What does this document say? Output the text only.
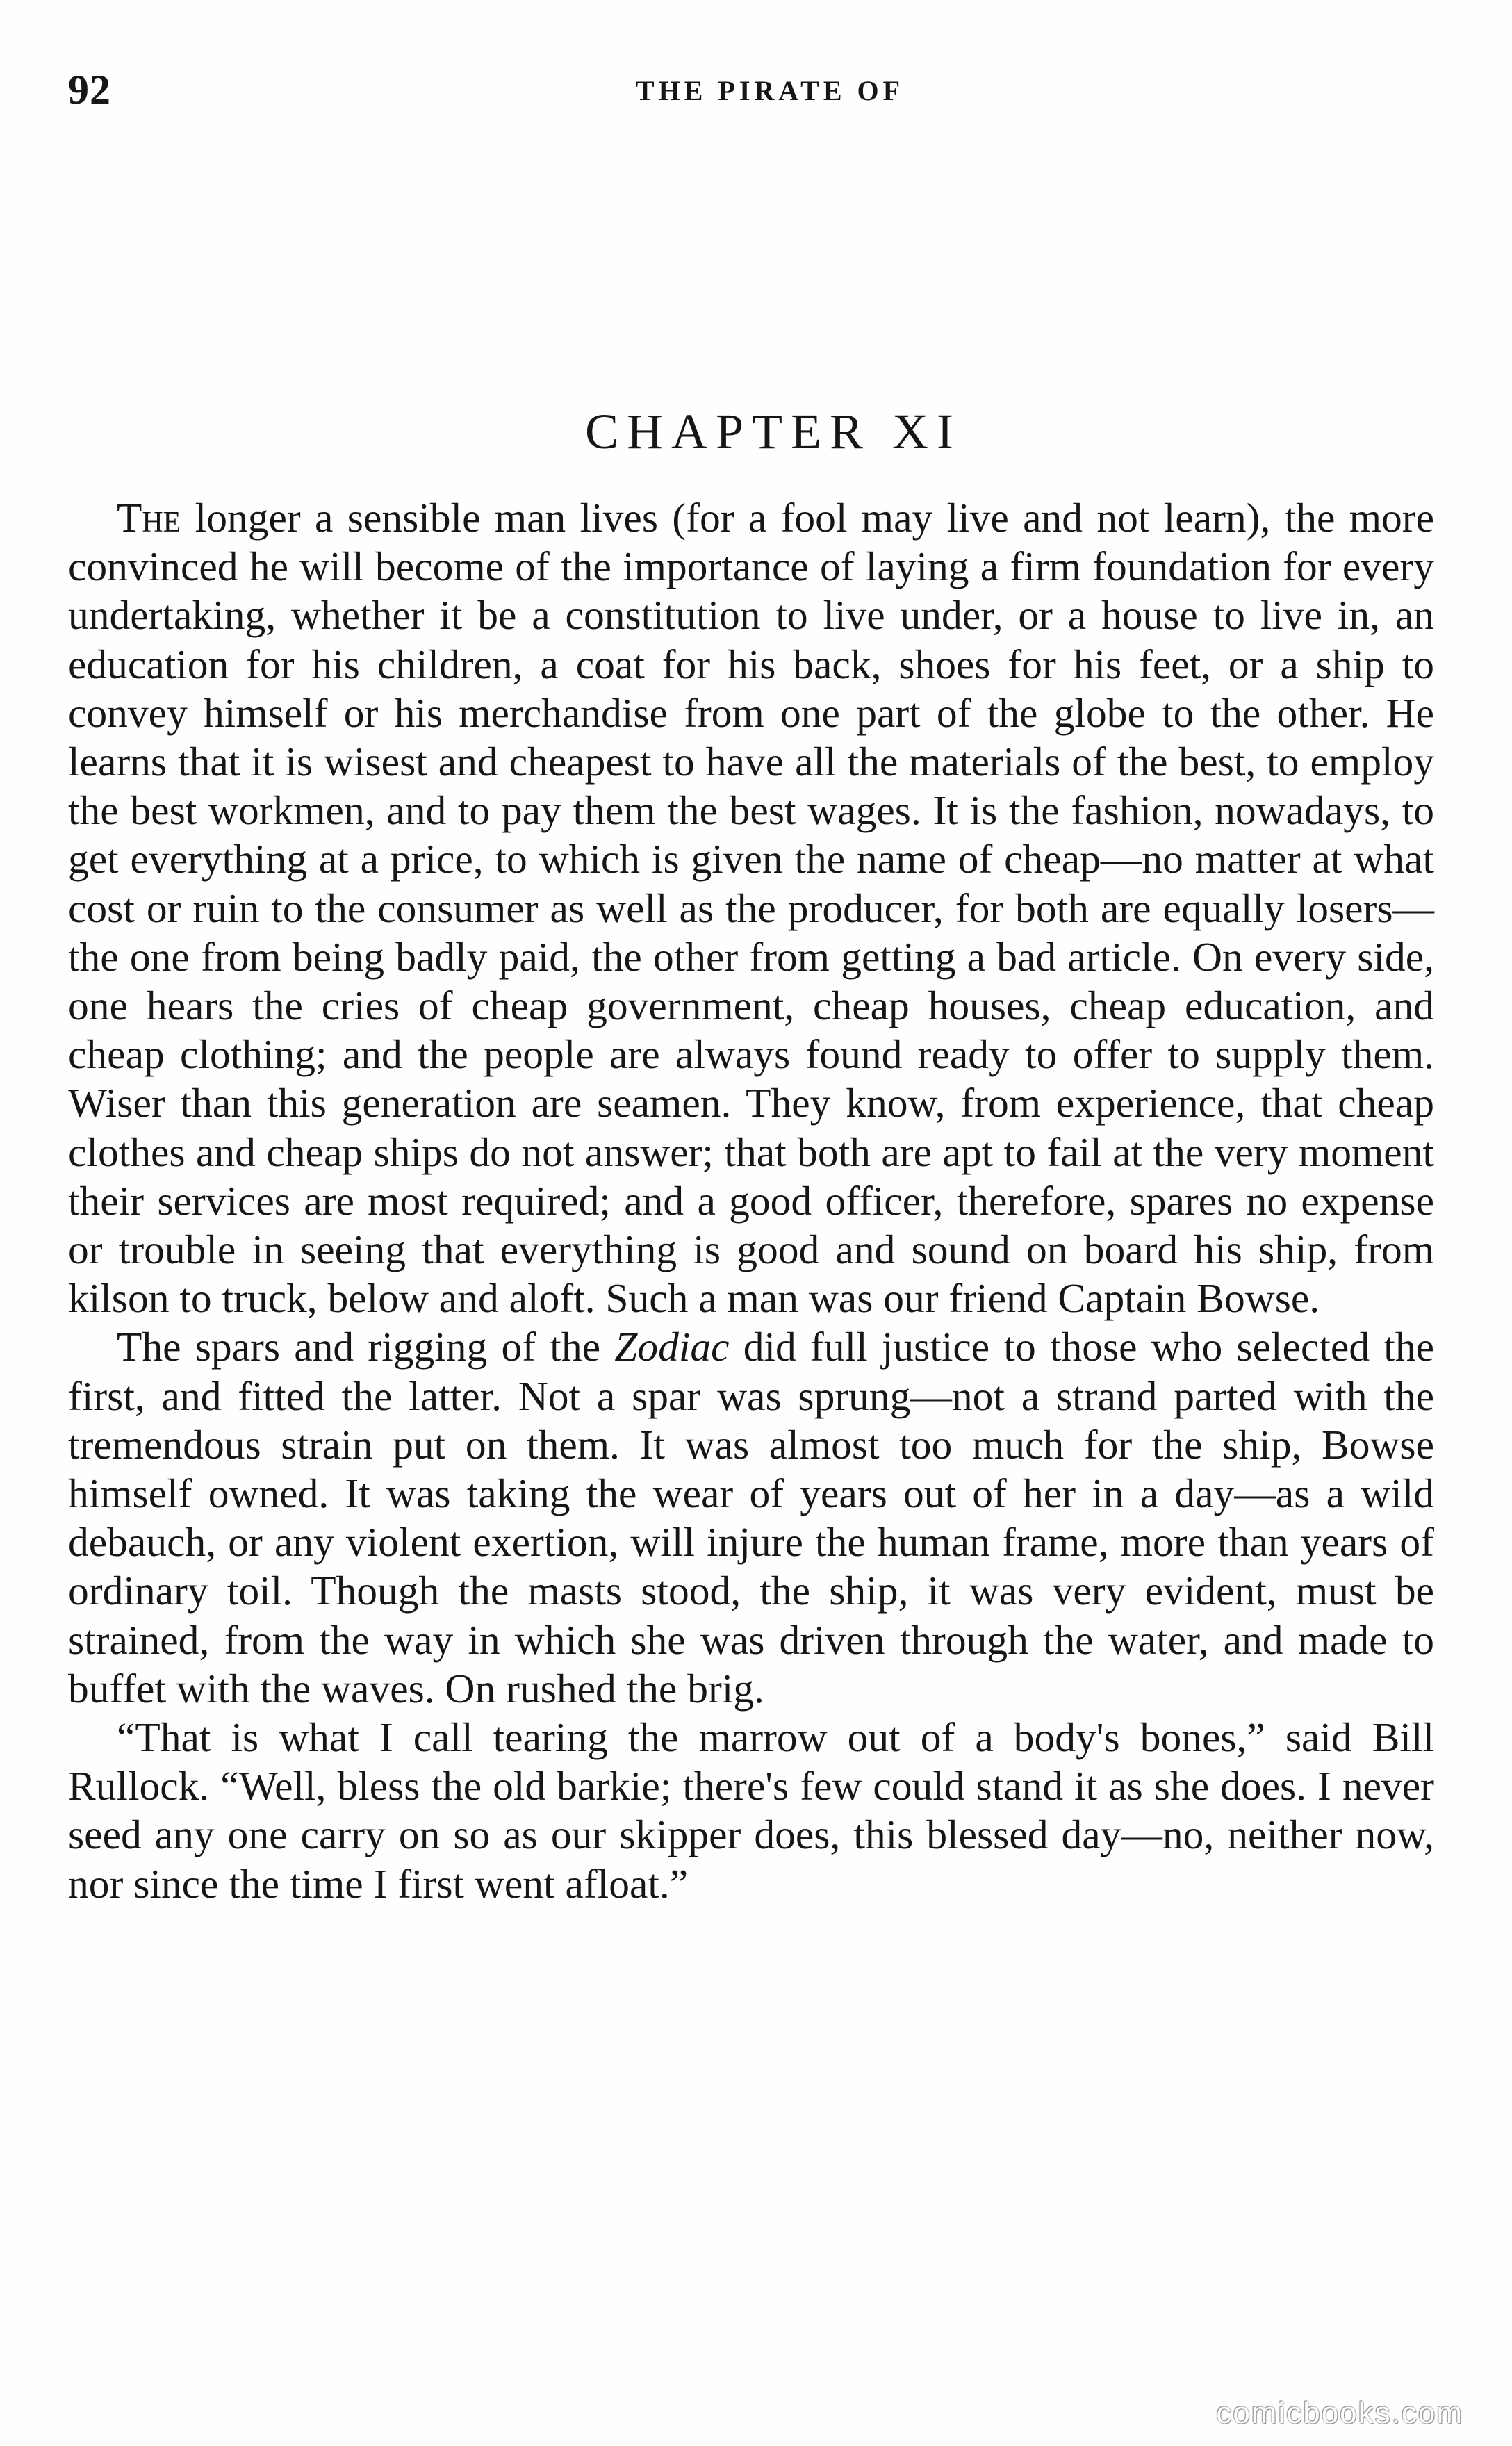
92	THE PIRATE OF
CHAPTER XI

The longer a sensible man lives (for a fool may live and not learn), the more convinced he will become of the importance of laying a firm foundation for every undertaking, whether it be a constitution to live under, or a house to live in, an education for his children, a coat for his back, shoes for his feet, or a ship to convey himself or his merchandise from one part of the globe to the other. He learns that it is wisest and cheapest to have all the materials of the best, to employ the best workmen, and to pay them the best wages. It is the fashion, nowadays, to get everything at a price, to which is given the name of cheap—no matter at what cost or ruin to the consumer as well as the producer, for both are equally losers—the one from being badly paid, the other from getting a bad article. On every side, one hears the cries of cheap government, cheap houses, cheap education, and cheap clothing; and the people are always found ready to offer to supply them. Wiser than this generation are seamen. They know, from experience, that cheap clothes and cheap ships do not answer; that both are apt to fail at the very moment their services are most required; and a good officer, therefore, spares no expense or trouble in seeing that everything is good and sound on board his ship, from kilson to truck, below and aloft. Such a man was our friend Captain Bowse.

The spars and rigging of the Zodiac did full justice to those who selected the first, and fitted the latter. Not a spar was sprung—not a strand parted with the tremendous strain put on them. It was almost too much for the ship, Bowse himself owned. It was taking the wear of years out of her in a day—as a wild debauch, or any violent exertion, will injure the human frame, more than years of ordinary toil. Though the masts stood, the ship, it was very evident, must be strained, from the way in which she was driven through the water, and made to buffet with the waves. On rushed the brig.

“That is what I call tearing the marrow out of a body's bones,” said Bill Rullock. “Well, bless the old barkie; there's few could stand it as she does. I never seed any one carry on so as our skipper does, this blessed day—no, neither now, nor since the time I first went afloat.”

comicbooks.com
